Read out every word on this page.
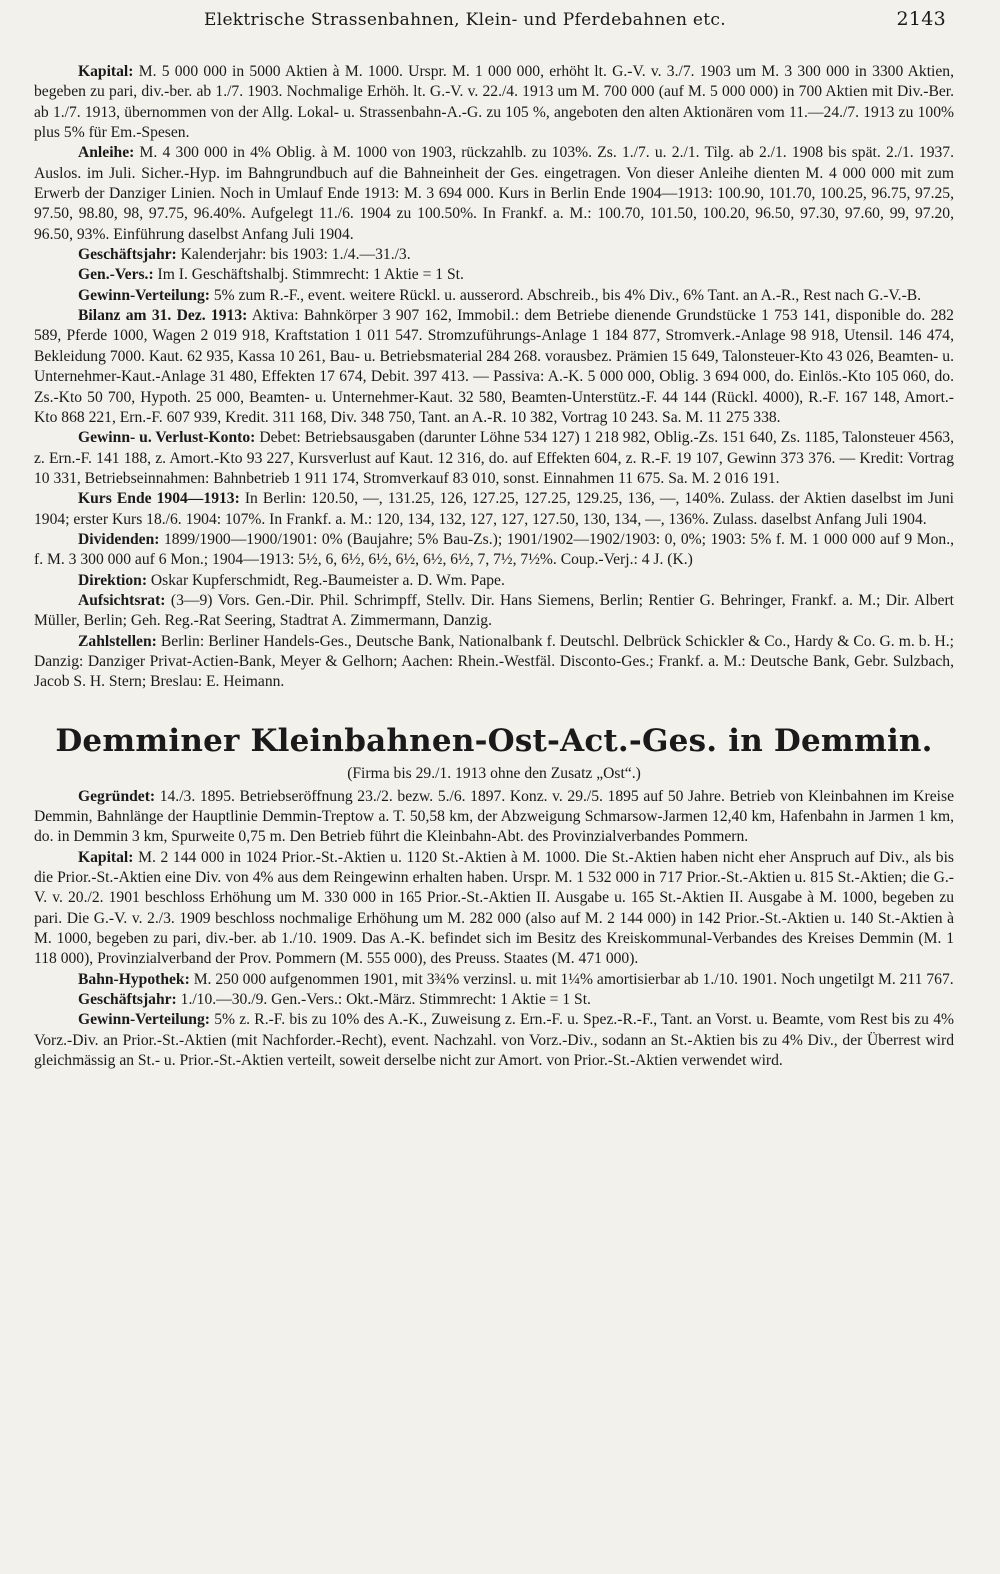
Elektrische Strassenbahnen, Klein- und Pferdebahnen etc.	2143

Kapital: M. 5 000 000 in 5000 Aktien à M. 1000. Urspr. M. 1 000 000, erhöht lt. G.-V. v. 3./7. 1903 um M. 3 300 000 in 3300 Aktien, begeben zu pari, div.-ber. ab 1./7. 1903. Nochmalige Erhöh. lt. G.-V. v. 22./4. 1913 um M. 700 000 (auf M. 5 000 000) in 700 Aktien mit Div.-Ber. ab 1./7. 1913, übernommen von der Allg. Lokal- u. Strassenbahn-A.-G. zu 105 %, angeboten den alten Aktionären vom 11.—24./7. 1913 zu 100% plus 5% für Em.-Spesen.

Anleihe: M. 4 300 000 in 4% Oblig. à M. 1000 von 1903, rückzahlb. zu 103%. Zs. 1./7. u. 2./1. Tilg. ab 2./1. 1908 bis spät. 2./1. 1937. Auslos. im Juli. Sicher.-Hyp. im Bahngrundbuch auf die Bahneinheit der Ges. eingetragen. Von dieser Anleihe dienten M. 4 000 000 mit zum Erwerb der Danziger Linien. Noch in Umlauf Ende 1913: M. 3 694 000. Kurs in Berlin Ende 1904—1913: 100.90, 101.70, 100.25, 96.75, 97.25, 97.50, 98.80, 98, 97.75, 96.40%. Aufgelegt 11./6. 1904 zu 100.50%. In Frankf. a. M.: 100.70, 101.50, 100.20, 96.50, 97.30, 97.60, 99, 97.20, 96.50, 93%. Einführung daselbst Anfang Juli 1904.

Geschäftsjahr: Kalenderjahr: bis 1903: 1./4.—31./3.

Gen.-Vers.: Im I. Geschäftshalbj. Stimmrecht: 1 Aktie = 1 St.

Gewinn-Verteilung: 5% zum R.-F., event. weitere Rückl. u. ausserord. Abschreib., bis 4% Div., 6% Tant. an A.-R., Rest nach G.-V.-B.

Bilanz am 31. Dez. 1913: Aktiva: Bahnkörper 3 907 162, Immobil.: dem Betriebe dienende Grundstücke 1 753 141, disponible do. 282 589, Pferde 1000, Wagen 2 019 918, Kraftstation 1 011 547. Stromzuführungs-Anlage 1 184 877, Stromverk.-Anlage 98 918, Utensil. 146 474, Bekleidung 7000. Kaut. 62 935, Kassa 10 261, Bau- u. Betriebsmaterial 284 268. vorausbez. Prämien 15 649, Talonsteuer-Kto 43 026, Beamten- u. Unternehmer-Kaut.-Anlage 31 480, Effekten 17 674, Debit. 397 413. — Passiva: A.-K. 5 000 000, Oblig. 3 694 000, do. Einlös.-Kto 105 060, do. Zs.-Kto 50 700, Hypoth. 25 000, Beamten- u. Unternehmer-Kaut. 32 580, Beamten-Unterstütz.-F. 44 144 (Rückl. 4000), R.-F. 167 148, Amort.-Kto 868 221, Ern.-F. 607 939, Kredit. 311 168, Div. 348 750, Tant. an A.-R. 10 382, Vortrag 10 243. Sa. M. 11 275 338.

Gewinn- u. Verlust-Konto: Debet: Betriebsausgaben (darunter Löhne 534 127) 1 218 982, Oblig.-Zs. 151 640, Zs. 1185, Talonsteuer 4563, z. Ern.-F. 141 188, z. Amort.-Kto 93 227, Kursverlust auf Kaut. 12 316, do. auf Effekten 604, z. R.-F. 19 107, Gewinn 373 376. — Kredit: Vortrag 10 331, Betriebseinnahmen: Bahnbetrieb 1 911 174, Stromverkauf 83 010, sonst. Einnahmen 11 675. Sa. M. 2 016 191.

Kurs Ende 1904—1913: In Berlin: 120.50, —, 131.25, 126, 127.25, 127.25, 129.25, 136, —, 140%. Zulass. der Aktien daselbst im Juni 1904; erster Kurs 18./6. 1904: 107%. In Frankf. a. M.: 120, 134, 132, 127, 127, 127.50, 130, 134, —, 136%. Zulass. daselbst Anfang Juli 1904.

Dividenden: 1899/1900—1900/1901: 0% (Baujahre; 5% Bau-Zs.); 1901/1902—1902/1903: 0, 0%; 1903: 5% f. M. 1 000 000 auf 9 Mon., f. M. 3 300 000 auf 6 Mon.; 1904—1913: 5½, 6, 6½, 6½, 6½, 6½, 6½, 7, 7½, 7½%. Coup.-Verj.: 4 J. (K.)

Direktion: Oskar Kupferschmidt, Reg.-Baumeister a. D. Wm. Pape.

Aufsichtsrat: (3—9) Vors. Gen.-Dir. Phil. Schrimpff, Stellv. Dir. Hans Siemens, Berlin; Rentier G. Behringer, Frankf. a. M.; Dir. Albert Müller, Berlin; Geh. Reg.-Rat Seering, Stadtrat A. Zimmermann, Danzig.

Zahlstellen: Berlin: Berliner Handels-Ges., Deutsche Bank, Nationalbank f. Deutschl. Delbrück Schickler & Co., Hardy & Co. G. m. b. H.; Danzig: Danziger Privat-Actien-Bank, Meyer & Gelhorn; Aachen: Rhein.-Westfäl. Disconto-Ges.; Frankf. a. M.: Deutsche Bank, Gebr. Sulzbach, Jacob S. H. Stern; Breslau: E. Heimann.

Demminer Kleinbahnen-Ost-Act.-Ges. in Demmin.
(Firma bis 29./1. 1913 ohne den Zusatz „Ost“.)

Gegründet: 14./3. 1895. Betriebseröffnung 23./2. bezw. 5./6. 1897. Konz. v. 29./5. 1895 auf 50 Jahre. Betrieb von Kleinbahnen im Kreise Demmin, Bahnlänge der Hauptlinie Demmin-Treptow a. T. 50,58 km, der Abzweigung Schmarsow-Jarmen 12,40 km, Hafenbahn in Jarmen 1 km, do. in Demmin 3 km, Spurweite 0,75 m. Den Betrieb führt die Kleinbahn-Abt. des Provinzialverbandes Pommern.

Kapital: M. 2 144 000 in 1024 Prior.-St.-Aktien u. 1120 St.-Aktien à M. 1000. Die St.-Aktien haben nicht eher Anspruch auf Div., als bis die Prior.-St.-Aktien eine Div. von 4% aus dem Reingewinn erhalten haben. Urspr. M. 1 532 000 in 717 Prior.-St.-Aktien u. 815 St.-Aktien; die G.-V. v. 20./2. 1901 beschloss Erhöhung um M. 330 000 in 165 Prior.-St.-Aktien II. Ausgabe u. 165 St.-Aktien II. Ausgabe à M. 1000, begeben zu pari. Die G.-V. v. 2./3. 1909 beschloss nochmalige Erhöhung um M. 282 000 (also auf M. 2 144 000) in 142 Prior.-St.-Aktien u. 140 St.-Aktien à M. 1000, begeben zu pari, div.-ber. ab 1./10. 1909. Das A.-K. befindet sich im Besitz des Kreiskommunal-Verbandes des Kreises Demmin (M. 1 118 000), Provinzialverband der Prov. Pommern (M. 555 000), des Preuss. Staates (M. 471 000).

Bahn-Hypothek: M. 250 000 aufgenommen 1901, mit 3¾% verzinsl. u. mit 1¼% amortisierbar ab 1./10. 1901. Noch ungetilgt M. 211 767.

Geschäftsjahr: 1./10.—30./9. Gen.-Vers.: Okt.-März. Stimmrecht: 1 Aktie = 1 St.

Gewinn-Verteilung: 5% z. R.-F. bis zu 10% des A.-K., Zuweisung z. Ern.-F. u. Spez.-R.-F., Tant. an Vorst. u. Beamte, vom Rest bis zu 4% Vorz.-Div. an Prior.-St.-Aktien (mit Nachforder.-Recht), event. Nachzahl. von Vorz.-Div., sodann an St.-Aktien bis zu 4% Div., der Überrest wird gleichmässig an St.- u. Prior.-St.-Aktien verteilt, soweit derselbe nicht zur Amort. von Prior.-St.-Aktien verwendet wird.
